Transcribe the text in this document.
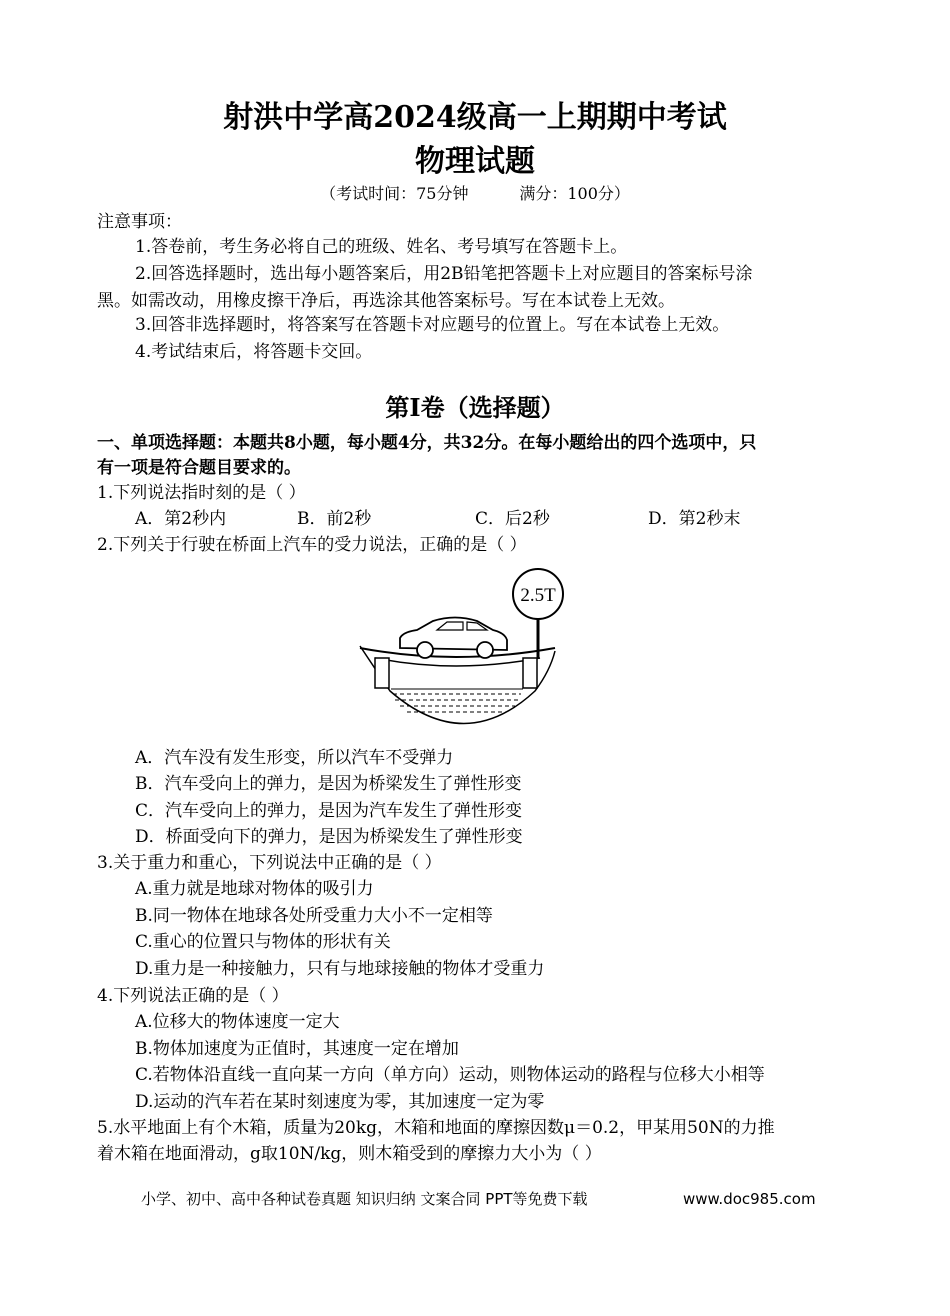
射洪中学高2024级高一上期期中考试
物理试题
（考试时间：75分钟          满分：100分）
注意事项：
1.答卷前，考生务必将自己的班级、姓名、考号填写在答题卡上。
2.回答选择题时，选出每小题答案后，用2B铅笔把答题卡上对应题目的答案标号涂
黑。如需改动，用橡皮擦干净后，再选涂其他答案标号。写在本试卷上无效。
3.回答非选择题时，将答案写在答题卡对应题号的位置上。写在本试卷上无效。
4.考试结束后，将答题卡交回。
第I卷（选择题）
一、单项选择题：本题共8小题，每小题4分，共32分。在每小题给出的四个选项中，只
有一项是符合题目要求的。
1.下列说法指时刻的是（ ）
A．第2秒内	B．前2秒	C．后2秒	D．第2秒末
2.下列关于行驶在桥面上汽车的受力说法，正确的是（ ）
2.5T
A．汽车没有发生形变，所以汽车不受弹力
B．汽车受向上的弹力，是因为桥梁发生了弹性形变
C．汽车受向上的弹力，是因为汽车发生了弹性形变
D．桥面受向下的弹力，是因为桥梁发生了弹性形变
3.关于重力和重心，下列说法中正确的是（ ）
A.重力就是地球对物体的吸引力
B.同一物体在地球各处所受重力大小不一定相等
C.重心的位置只与物体的形状有关
D.重力是一种接触力，只有与地球接触的物体才受重力
4.下列说法正确的是（ ）
A.位移大的物体速度一定大
B.物体加速度为正值时，其速度一定在增加
C.若物体沿直线一直向某一方向（单方向）运动，则物体运动的路程与位移大小相等
D.运动的汽车若在某时刻速度为零，其加速度一定为零
5.水平地面上有个木箱，质量为20kg，木箱和地面的摩擦因数μ＝0.2，甲某用50N的力推
着木箱在地面滑动，g取10N/kg，则木箱受到的摩擦力大小为（ ）
小学、初中、高中各种试卷真题 知识归纳 文案合同 PPT等免费下载	www.doc985.com
